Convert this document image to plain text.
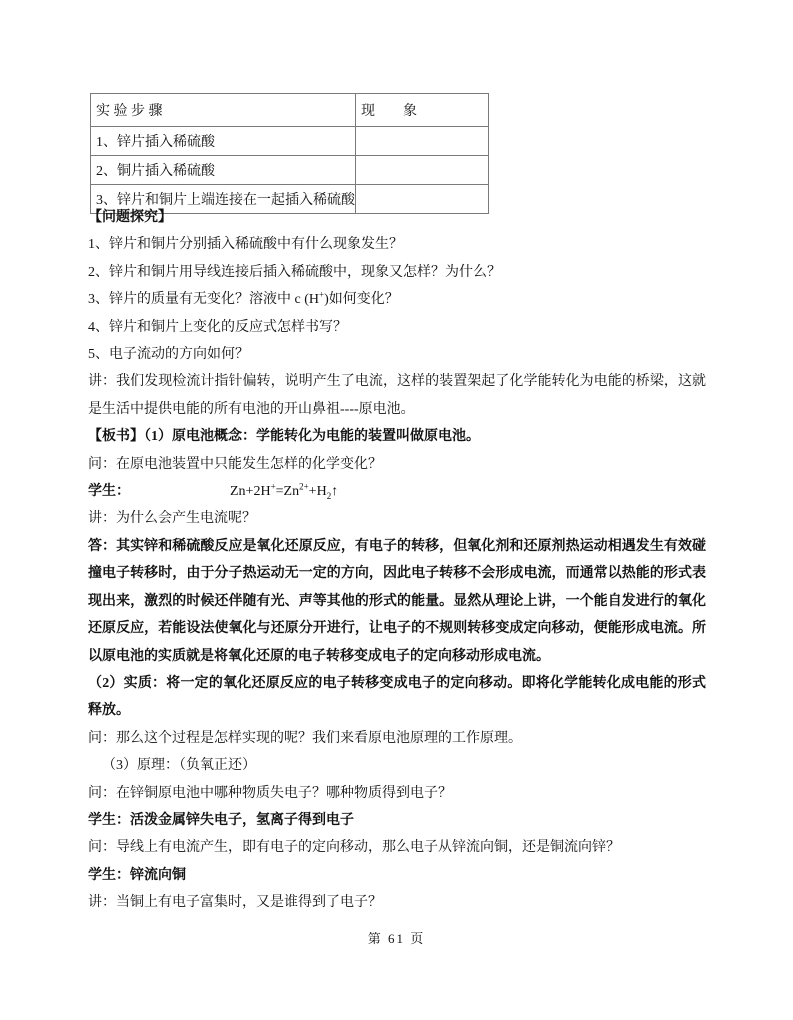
实 验 步 骤	现        象
1、锌片插入稀硫酸	
2、铜片插入稀硫酸	
3、锌片和铜片上端连接在一起插入稀硫酸	

【问题探究】

1、锌片和铜片分别插入稀硫酸中有什么现象发生？

2、锌片和铜片用导线连接后插入稀硫酸中，现象又怎样？为什么？

3、锌片的质量有无变化？溶液中 c (H+)如何变化？

4、锌片和铜片上变化的反应式怎样书写？

5、电子流动的方向如何？

讲：我们发现检流计指针偏转，说明产生了电流，这样的装置架起了化学能转化为电能的桥梁，这就是生活中提供电能的所有电池的开山鼻祖----原电池。

【板书】（1）原电池概念：学能转化为电能的装置叫做原电池。

问：在原电池装置中只能发生怎样的化学变化？

学生：	$Zn+2H^+=Zn^{2+}+H_2↑$

讲：为什么会产生电流呢？

答：其实锌和稀硫酸反应是氧化还原反应，有电子的转移，但氧化剂和还原剂热运动相遇发生有效碰撞电子转移时，由于分子热运动无一定的方向，因此电子转移不会形成电流，而通常以热能的形式表现出来，激烈的时候还伴随有光、声等其他的形式的能量。显然从理论上讲，一个能自发进行的氧化还原反应，若能设法使氧化与还原分开进行，让电子的不规则转移变成定向移动，便能形成电流。所以原电池的实质就是将氧化还原的电子转移变成电子的定向移动形成电流。

（2）实质：将一定的氧化还原反应的电子转移变成电子的定向移动。即将化学能转化成电能的形式释放。

问：那么这个过程是怎样实现的呢？我们来看原电池原理的工作原理。

（3）原理：（负氧正还）

问：在锌铜原电池中哪种物质失电子？哪种物质得到电子？

学生：活泼金属锌失电子，氢离子得到电子

问：导线上有电流产生，即有电子的定向移动，那么电子从锌流向铜，还是铜流向锌？

学生：锌流向铜

讲：当铜上有电子富集时，又是谁得到了电子？

第 61 页
